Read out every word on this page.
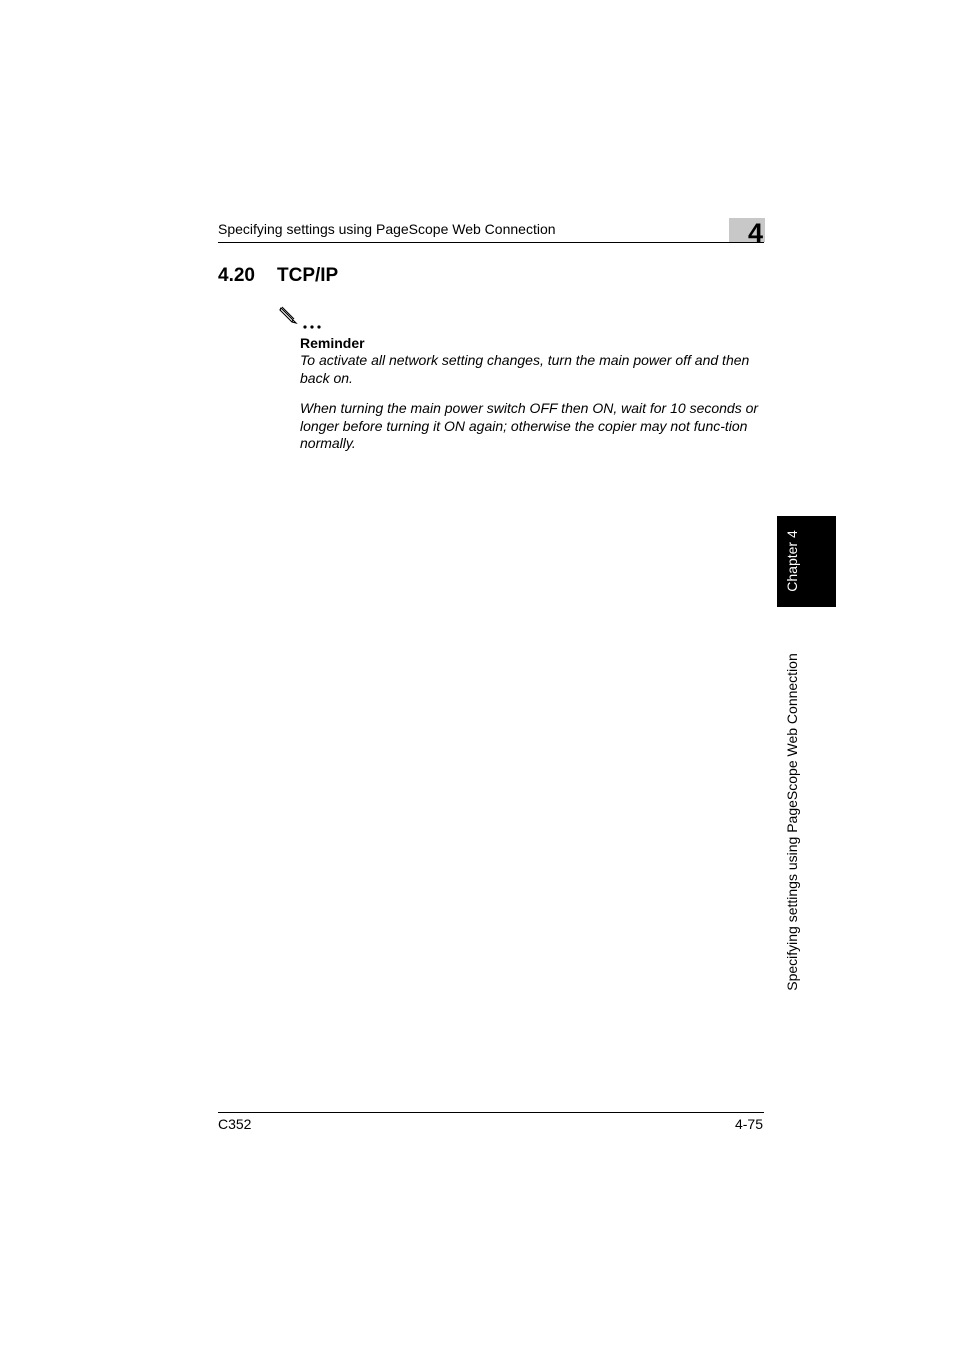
Specifying settings using PageScope Web Connection	4
4.20 TCP/IP
Reminder
To activate all network setting changes, turn the main power off and then back on.
When turning the main power switch OFF then ON, wait for 10 seconds or longer before turning it ON again; otherwise the copier may not func-tion normally.
Chapter 4
Specifying settings using PageScope Web Connection
C352	4-75
